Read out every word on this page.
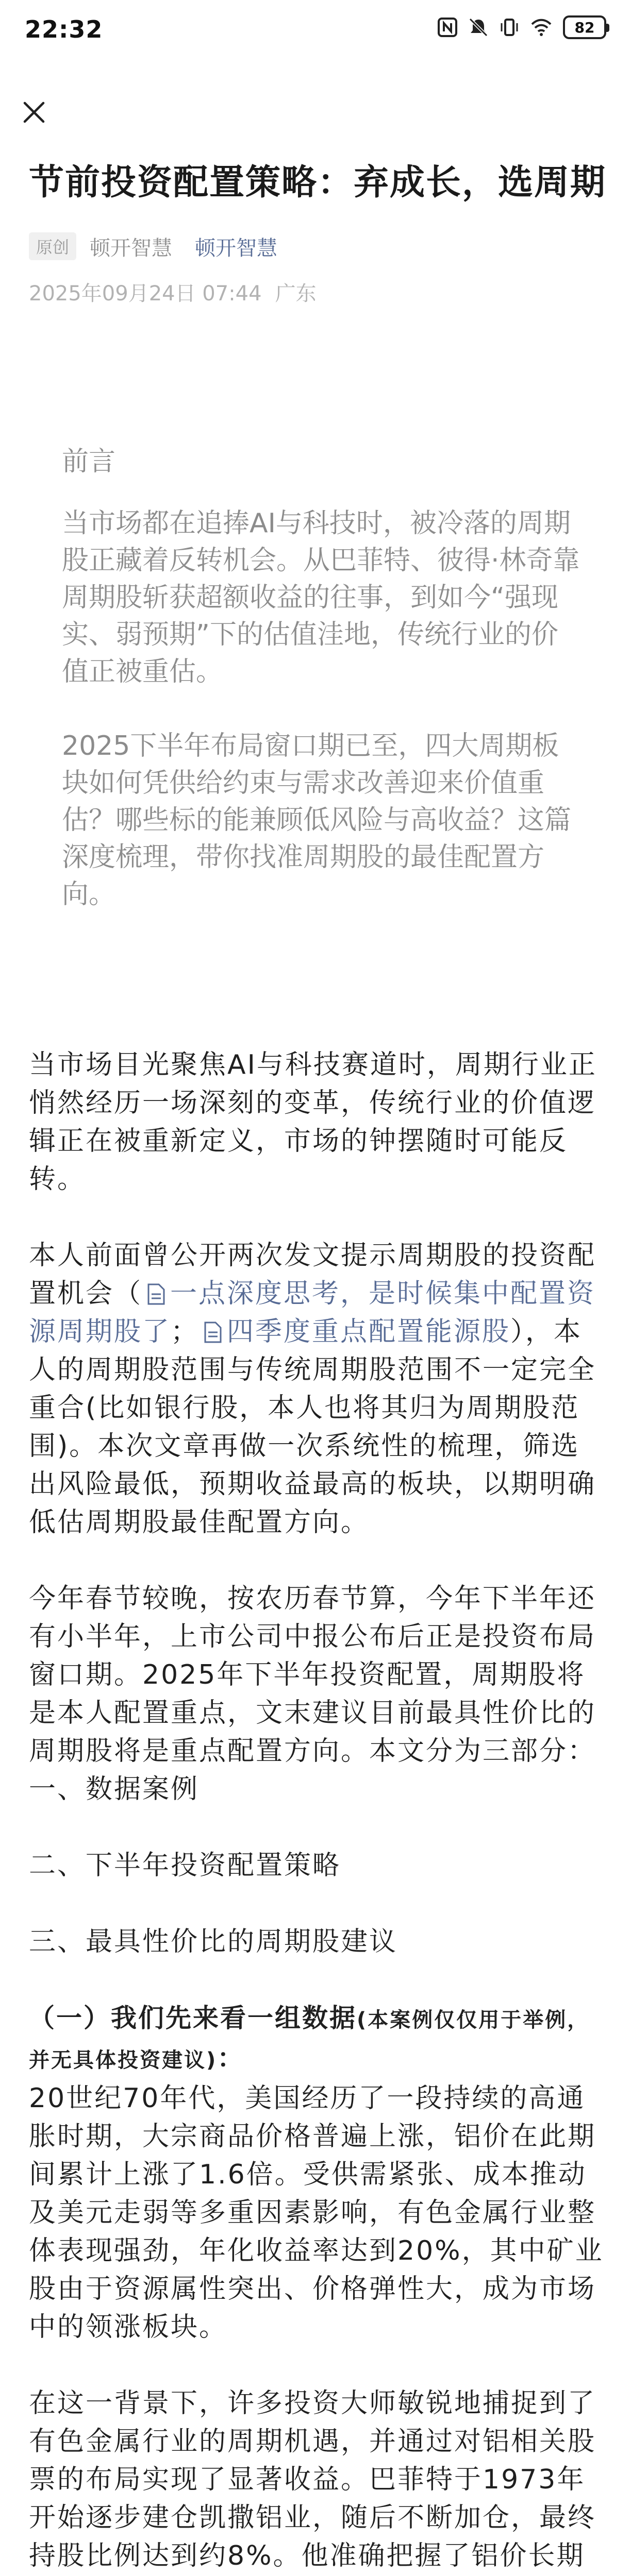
22:32	82
节前投资配置策略：弃成长，选周期
原创	顿开智慧 顿开智慧
2025年09月24日 07:44 广东

前言

当市场都在追捧AI与科技时，被冷落的周期股正藏着反转机会。从巴菲特、彼得·林奇靠周期股斩获超额收益的往事，到如今“强现实、弱预期”下的估值洼地，传统行业的价值正被重估。

2025下半年布局窗口期已至，四大周期板块如何凭供给约束与需求改善迎来价值重估？哪些标的能兼顾低风险与高收益？这篇深度梳理，带你找准周期股的最佳配置方向。

当市场目光聚焦AI与科技赛道时，周期行业正悄然经历一场深刻的变革，传统行业的价值逻辑正在被重新定义，市场的钟摆随时可能反转。

本人前面曾公开两次发文提示周期股的投资配置机会（ 一点深度思考，是时候集中配置资源周期股了； 四季度重点配置能源股），本人的周期股范围与传统周期股范围不一定完全重合(比如银行股，本人也将其归为周期股范围)。本次文章再做一次系统性的梳理，筛选出风险最低，预期收益最高的板块，以期明确低估周期股最佳配置方向。

今年春节较晚，按农历春节算，今年下半年还有小半年，上市公司中报公布后正是投资布局窗口期。2025年下半年投资配置，周期股将是本人配置重点，文末建议目前最具性价比的周期股将是重点配置方向。本文分为三部分：

一、数据案例

二、下半年投资配置策略

三、最具性价比的周期股建议

（一）我们先来看一组数据(本案例仅仅用于举例，并无具体投资建议)：

20世纪70年代，美国经历了一段持续的高通胀时期，大宗商品价格普遍上涨，铝价在此期间累计上涨了1.6倍。受供需紧张、成本推动及美元走弱等多重因素影响，有色金属行业整体表现强劲，年化收益率达到20%，其中矿业股由于资源属性突出、价格弹性大，成为市场中的领涨板块。

在这一背景下，许多投资大师敏锐地捕捉到了有色金属行业的周期机遇，并通过对铝相关股票的布局实现了显著收益。巴菲特于1973年开始逐步建仓凯撒铝业，随后不断加仓，最终持股比例达到约8%。他准确把握了铝价长期
